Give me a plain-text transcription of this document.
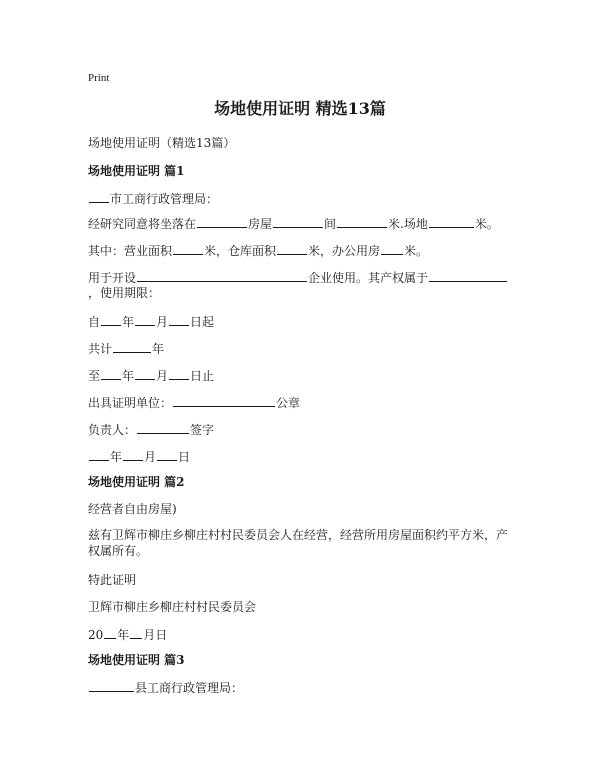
Print
场地使用证明 精选13篇
场地使用证明（精选13篇）
场地使用证明 篇1
市工商行政管理局：
经研究同意将坐落在	房屋	间	米.场地	米。
其中：营业面积	米，仓库面积	米，办公用房 米。
用于开设	企业使用。其产权属于
，使用期限：
自 年 月 日起
共计	年
至 年 月 日止
出具证明单位：	公章
负责人：	签字
年 月 日
场地使用证明 篇2
经营者自由房屋)
兹有卫辉市柳庄乡柳庄村村民委员会人在经营，经营所用房屋面积约平方米，产权属所有。
特此证明
卫辉市柳庄乡柳庄村村民委员会
20 年 月日
场地使用证明 篇3
县工商行政管理局：
